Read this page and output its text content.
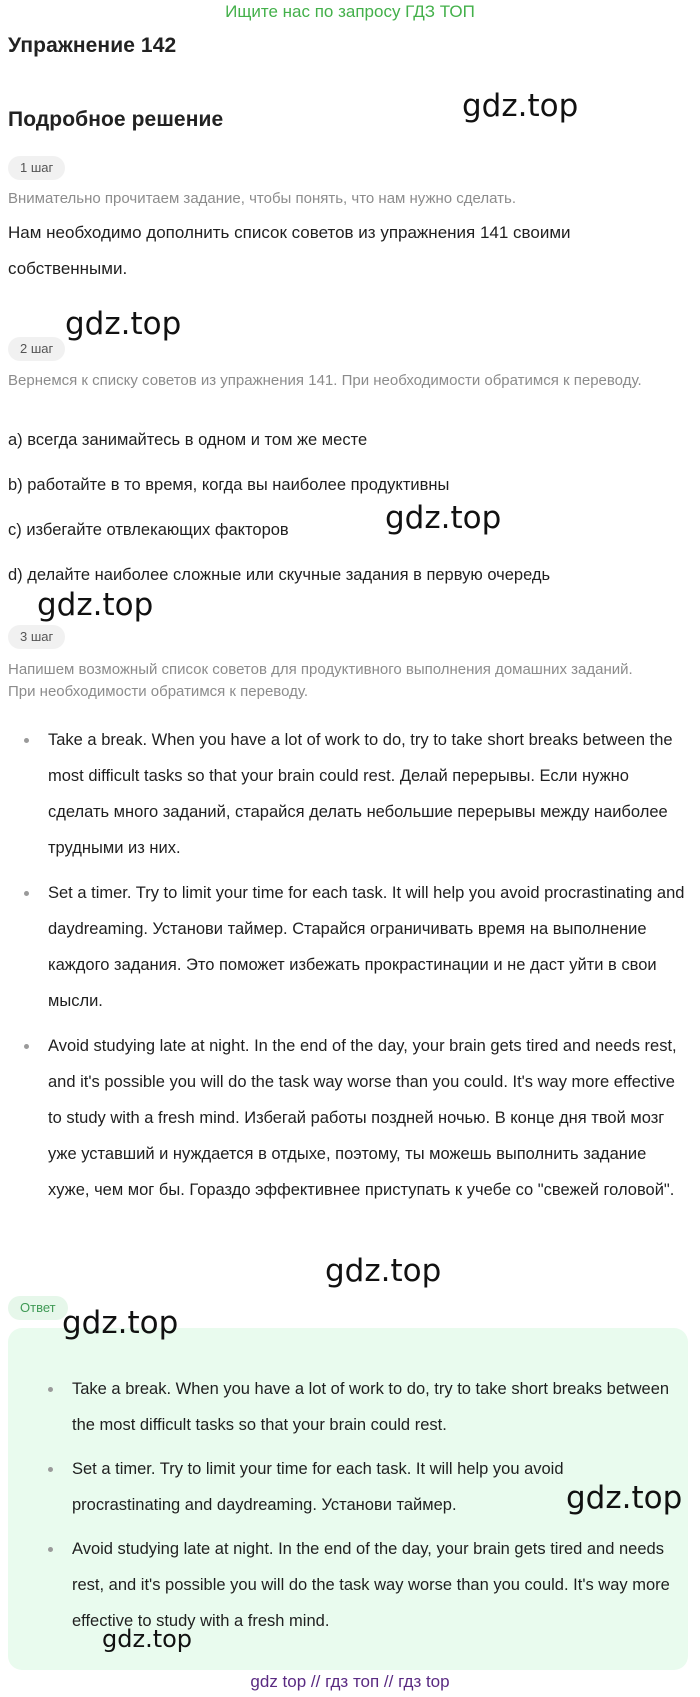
Ищите нас по запросу ГДЗ ТОП
Упражнение 142
Подробное решение
1 шаг
Внимательно прочитаем задание, чтобы понять, что нам нужно сделать.
Нам необходимо дополнить список советов из упражнения 141 своими собственными.
2 шаг
Вернемся к списку советов из упражнения 141. При необходимости обратимся к переводу.
a) всегда занимайтесь в одном и том же месте
b) работайте в то время, когда вы наиболее продуктивны
c) избегайте отвлекающих факторов
d) делайте наиболее сложные или скучные задания в первую очередь
3 шаг
Напишем возможный список советов для продуктивного выполнения домашних заданий. При необходимости обратимся к переводу.
Take a break. When you have a lot of work to do, try to take short breaks between the most difficult tasks so that your brain could rest. Делай перерывы. Если нужно сделать много заданий, старайся делать небольшие перерывы между наиболее трудными из них.
Set a timer. Try to limit your time for each task. It will help you avoid procrastinating and daydreaming. Установи таймер. Старайся ограничивать время на выполнение каждого задания. Это поможет избежать прокрастинации и не даст уйти в свои мысли.
Avoid studying late at night. In the end of the day, your brain gets tired and needs rest, and it's possible you will do the task way worse than you could. It's way more effective to study with a fresh mind. Избегай работы поздней ночью. В конце дня твой мозг уже уставший и нуждается в отдыхе, поэтому, ты можешь выполнить задание хуже, чем мог бы. Гораздо эффективнее приступать к учебе со "свежей головой".
Ответ
Take a break. When you have a lot of work to do, try to take short breaks between the most difficult tasks so that your brain could rest.
Set a timer. Try to limit your time for each task. It will help you avoid procrastinating and daydreaming. Установи таймер.
Avoid studying late at night. In the end of the day, your brain gets tired and needs rest, and it's possible you will do the task way worse than you could. It's way more effective to study with a fresh mind.
gdz.top
gdz.top
gdz.top
gdz.top
gdz.top
gdz.top
gdz.top
gdz.top
gdz top // гдз топ // гдз top
